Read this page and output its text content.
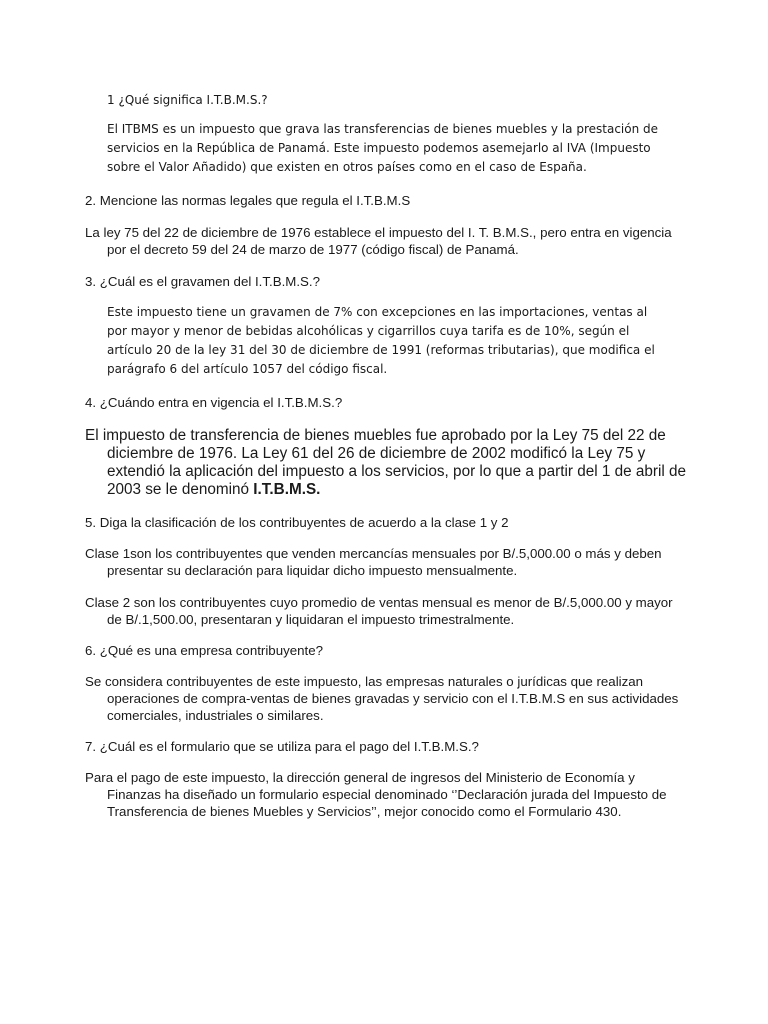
1 ¿Qué significa I.T.B.M.S.?

El ITBMS es un impuesto que grava las transferencias de bienes muebles y la prestación de servicios en la República de Panamá. Este impuesto podemos asemejarlo al IVA (Impuesto sobre el Valor Añadido) que existen en otros países como en el caso de España.

2. Mencione las normas legales que regula el I.T.B.M.S

La ley 75 del 22 de diciembre de 1976 establece el impuesto del I. T. B.M.S., pero entra en vigencia por el decreto 59 del 24 de marzo de 1977 (código fiscal) de Panamá.

3. ¿Cuál es el gravamen del I.T.B.M.S.?

Este impuesto tiene un gravamen de 7% con excepciones en las importaciones, ventas al por mayor y menor de bebidas alcohólicas y cigarrillos cuya tarifa es de 10%, según el artículo 20 de la ley 31 del 30 de diciembre de 1991 (reformas tributarias), que modifica el parágrafo 6 del artículo 1057 del código fiscal.

4. ¿Cuándo entra en vigencia el I.T.B.M.S.?

El impuesto de transferencia de bienes muebles fue aprobado por la Ley 75 del 22 de diciembre de 1976. La Ley 61 del 26 de diciembre de 2002 modificó la Ley 75 y extendió la aplicación del impuesto a los servicios, por lo que a partir del 1 de abril de 2003 se le denominó I.T.B.M.S.

5. Diga la clasificación de los contribuyentes de acuerdo a la clase 1 y 2

Clase 1son los contribuyentes que venden mercancías mensuales por B/.5,000.00 o más y deben presentar su declaración para liquidar dicho impuesto mensualmente.

Clase 2 son los contribuyentes cuyo promedio de ventas mensual es menor de B/.5,000.00 y mayor de B/.1,500.00, presentaran y liquidaran el impuesto trimestralmente.

6. ¿Qué es una empresa contribuyente?

Se considera contribuyentes de este impuesto, las empresas naturales o jurídicas que realizan operaciones de compra-ventas de bienes gravadas y servicio con el I.T.B.M.S en sus actividades comerciales, industriales o similares.

7. ¿Cuál es el formulario que se utiliza para el pago del I.T.B.M.S.?

Para el pago de este impuesto, la dirección general de ingresos del Ministerio de Economía y Finanzas ha diseñado un formulario especial denominado ‘’Declaración jurada del Impuesto de Transferencia de bienes Muebles y Servicios’’, mejor conocido como el Formulario 430.
